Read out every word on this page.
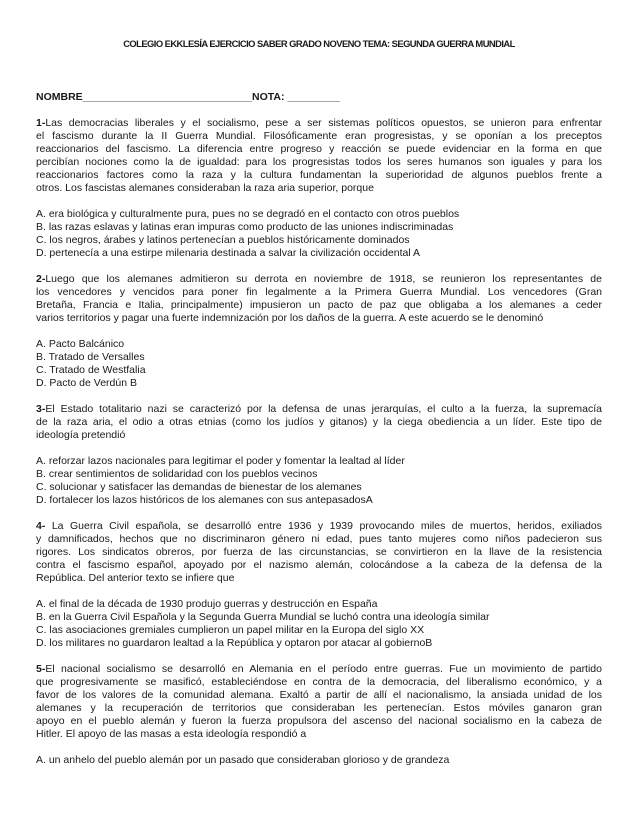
COLEGIO EKKLESÍA EJERCICIO SABER GRADO NOVENO TEMA: SEGUNDA GUERRA MUNDIAL
NOMBRE_____________________________NOTA: _________
1-Las democracias liberales y el socialismo, pese a ser sistemas políticos opuestos, se unieron para enfrentar
el fascismo durante la II Guerra Mundial. Filosóficamente eran progresistas, y se oponían a los preceptos
reaccionarios del fascismo. La diferencia entre progreso y reacción se puede evidenciar en la forma en que
percibían nociones como la de igualdad: para los progresistas todos los seres humanos son iguales y para los
reaccionarios factores como la raza y la cultura fundamentan la superioridad de algunos pueblos frente a
otros. Los fascistas alemanes consideraban la raza aria superior, porque
A. era biológica y culturalmente pura, pues no se degradó en el contacto con otros pueblos
B. las razas eslavas y latinas eran impuras como producto de las uniones indiscriminadas
C. los negros, árabes y latinos pertenecían a pueblos históricamente dominados
D. pertenecía a una estirpe milenaria destinada a salvar la civilización occidental A
2-Luego que los alemanes admitieron su derrota en noviembre de 1918, se reunieron los representantes de
los vencedores y vencidos para poner fin legalmente a la Primera Guerra Mundial. Los vencedores (Gran
Bretaña, Francia e Italia, principalmente) impusieron un pacto de paz que obligaba a los alemanes a ceder
varios territorios y pagar una fuerte indemnización por los daños de la guerra. A este acuerdo se le denominó
A. Pacto Balcánico
B. Tratado de Versalles
C. Tratado de Westfalia
D. Pacto de Verdún B
3-El Estado totalitario nazi se caracterizó por la defensa de unas jerarquías, el culto a la fuerza, la supremacía
de la raza aria, el odio a otras etnias (como los judíos y gitanos) y la ciega obediencia a un líder. Este tipo de
ideología pretendió
A. reforzar lazos nacionales para legitimar el poder y fomentar la lealtad al líder
B. crear sentimientos de solidaridad con los pueblos vecinos
C. solucionar y satisfacer las demandas de bienestar de los alemanes
D. fortalecer los lazos históricos de los alemanes con sus antepasadosA
4- La Guerra Civil española, se desarrolló entre 1936 y 1939 provocando miles de muertos, heridos, exiliados
y damnificados, hechos que no discriminaron género ni edad, pues tanto mujeres como niños padecieron sus
rigores. Los sindicatos obreros, por fuerza de las circunstancias, se convirtieron en la llave de la resistencia
contra el fascismo español, apoyado por el nazismo alemán, colocándose a la cabeza de la defensa de la
República. Del anterior texto se infiere que
A. el final de la década de 1930 produjo guerras y destrucción en España
B. en la Guerra Civil Española y la Segunda Guerra Mundial se luchó contra una ideología similar
C. las asociaciones gremiales cumplieron un papel militar en la Europa del siglo XX
D. los militares no guardaron lealtad a la República y optaron por atacar al gobiernoB
5-El nacional socialismo se desarrolló en Alemania en el período entre guerras. Fue un movimiento de partido
que progresivamente se masificó, estableciéndose en contra de la democracia, del liberalismo económico, y a
favor de los valores de la comunidad alemana. Exaltó a partir de allí el nacionalismo, la ansiada unidad de los
alemanes y la recuperación de territorios que consideraban les pertenecían. Estos móviles ganaron gran
apoyo en el pueblo alemán y fueron la fuerza propulsora del ascenso del nacional socialismo en la cabeza de
Hitler. El apoyo de las masas a esta ideología respondió a
A. un anhelo del pueblo alemán por un pasado que consideraban glorioso y de grandeza
